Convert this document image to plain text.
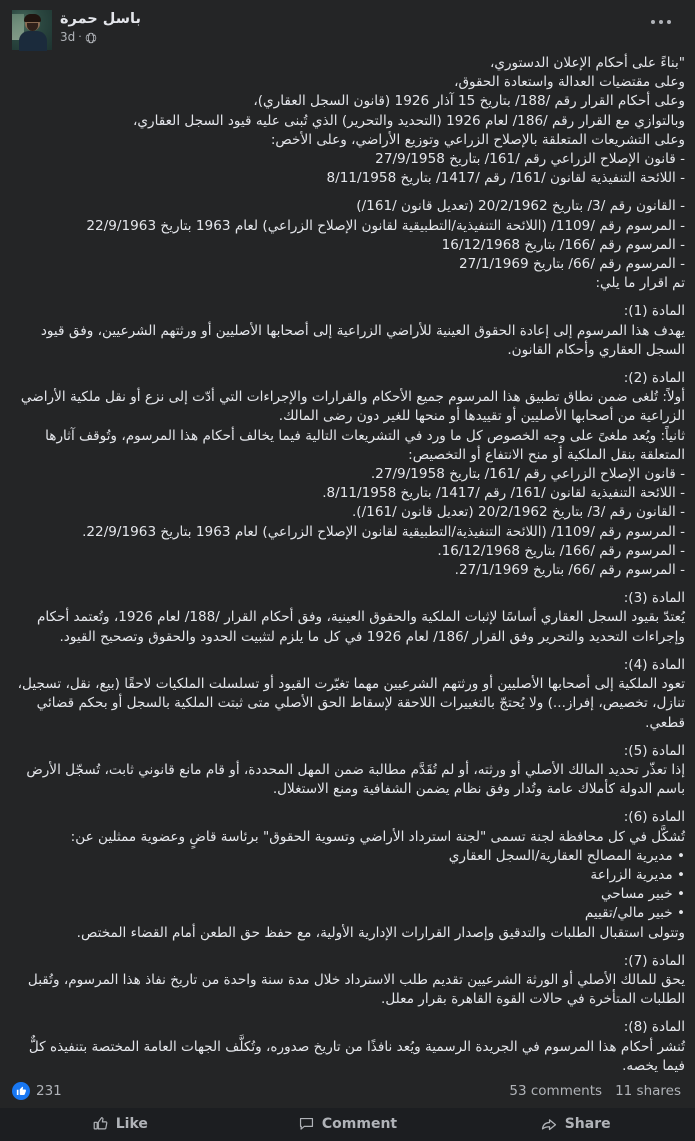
باسل حمرة
3d ·
"بناءً على أحكام الإعلان الدستوري،
وعلى مقتضيات العدالة واستعادة الحقوق،
وعلى أحكام القرار رقم /188/ بتاريخ 15 آذار 1926 (قانون السجل العقاري)،
وبالتوازي مع القرار رقم /186/ لعام 1926 (التحديد والتحرير) الذي تُبنى عليه قيود السجل العقاري،
وعلى التشريعات المتعلقة بالإصلاح الزراعي وتوزيع الأراضي، وعلى الأخص:
- قانون الإصلاح الزراعي رقم /161/ بتاريخ 27/9/1958
- اللائحة التنفيذية لقانون /161/ رقم /1417/ بتاريخ 8/11/1958
- القانون رقم /3/ بتاريخ 20/2/1962 (تعديل قانون /161/)
- المرسوم رقم /1109/ (اللائحة التنفيذية/التطبيقية لقانون الإصلاح الزراعي) لعام 1963 بتاريخ 22/9/1963
- المرسوم رقم /166/ بتاريخ 16/12/1968
- المرسوم رقم /66/ بتاريخ 27/1/1969
تم اقرار ما يلي:
المادة (1):
يهدف هذا المرسوم إلى إعادة الحقوق العينية للأراضي الزراعية إلى أصحابها الأصليين أو ورثتهم الشرعيين، وفق قيود السجل العقاري وأحكام القانون.
المادة (2):
أولاً: تُلغى ضمن نطاق تطبيق هذا المرسوم جميع الأحكام والقرارات والإجراءات التي أدّت إلى نزع أو نقل ملكية الأراضي الزراعية من أصحابها الأصليين أو تقييدها أو منحها للغير دون رضى المالك.
ثانياً: ويُعد ملغىً على وجه الخصوص كل ما ورد في التشريعات التالية فيما يخالف أحكام هذا المرسوم، وتُوقف آثارها المتعلقة بنقل الملكية أو منح الانتفاع أو التخصيص:
- قانون الإصلاح الزراعي رقم /161/ بتاريخ 27/9/1958.
- اللائحة التنفيذية لقانون /161/ رقم /1417/ بتاريخ 8/11/1958.
- القانون رقم /3/ بتاريخ 20/2/1962 (تعديل قانون /161/).
- المرسوم رقم /1109/ (اللائحة التنفيذية/التطبيقية لقانون الإصلاح الزراعي) لعام 1963 بتاريخ 22/9/1963.
- المرسوم رقم /166/ بتاريخ 16/12/1968.
- المرسوم رقم /66/ بتاريخ 27/1/1969.
المادة (3):
يُعتدّ بقيود السجل العقاري أساسًا لإثبات الملكية والحقوق العينية، وفق أحكام القرار /188/ لعام 1926، وتُعتمد أحكام وإجراءات التحديد والتحرير وفق القرار /186/ لعام 1926 في كل ما يلزم لتثبيت الحدود والحقوق وتصحيح القيود.
المادة (4):
تعود الملكية إلى أصحابها الأصليين أو ورثتهم الشرعيين مهما تغيّرت القيود أو تسلسلت الملكيات لاحقًا (بيع، نقل، تسجيل، تنازل، تخصيص، إفراز...) ولا يُحتجّ بالتغييرات اللاحقة لإسقاط الحق الأصلي متى ثبتت الملكية بالسجل أو بحكم قضائي قطعي.
المادة (5):
إذا تعذّر تحديد المالك الأصلي أو ورثته، أو لم تُقَدَّم مطالبة ضمن المهل المحددة، أو قام مانع قانوني ثابت، تُسجّل الأرض باسم الدولة كأملاك عامة وتُدار وفق نظام يضمن الشفافية ومنع الاستغلال.
المادة (6):
تُشكَّل في كل محافظة لجنة تسمى "لجنة استرداد الأراضي وتسوية الحقوق" برئاسة قاضٍ وعضوية ممثلين عن:
• مديرية المصالح العقارية/السجل العقاري
• مديرية الزراعة
• خبير مساحي
• خبير مالي/تقييم
وتتولى استقبال الطلبات والتدقيق وإصدار القرارات الإدارية الأولية، مع حفظ حق الطعن أمام القضاء المختص.
المادة (7):
يحق للمالك الأصلي أو الورثة الشرعيين تقديم طلب الاسترداد خلال مدة سنة واحدة من تاريخ نفاذ هذا المرسوم، وتُقبل الطلبات المتأخرة في حالات القوة القاهرة بقرار معلل.
المادة (8):
تُنشر أحكام هذا المرسوم في الجريدة الرسمية ويُعد نافذًا من تاريخ صدوره، وتُكلَّف الجهات العامة المختصة بتنفيذه كلٌّ فيما يخصه.
231	53 comments 11 shares
Like	Comment	Share
